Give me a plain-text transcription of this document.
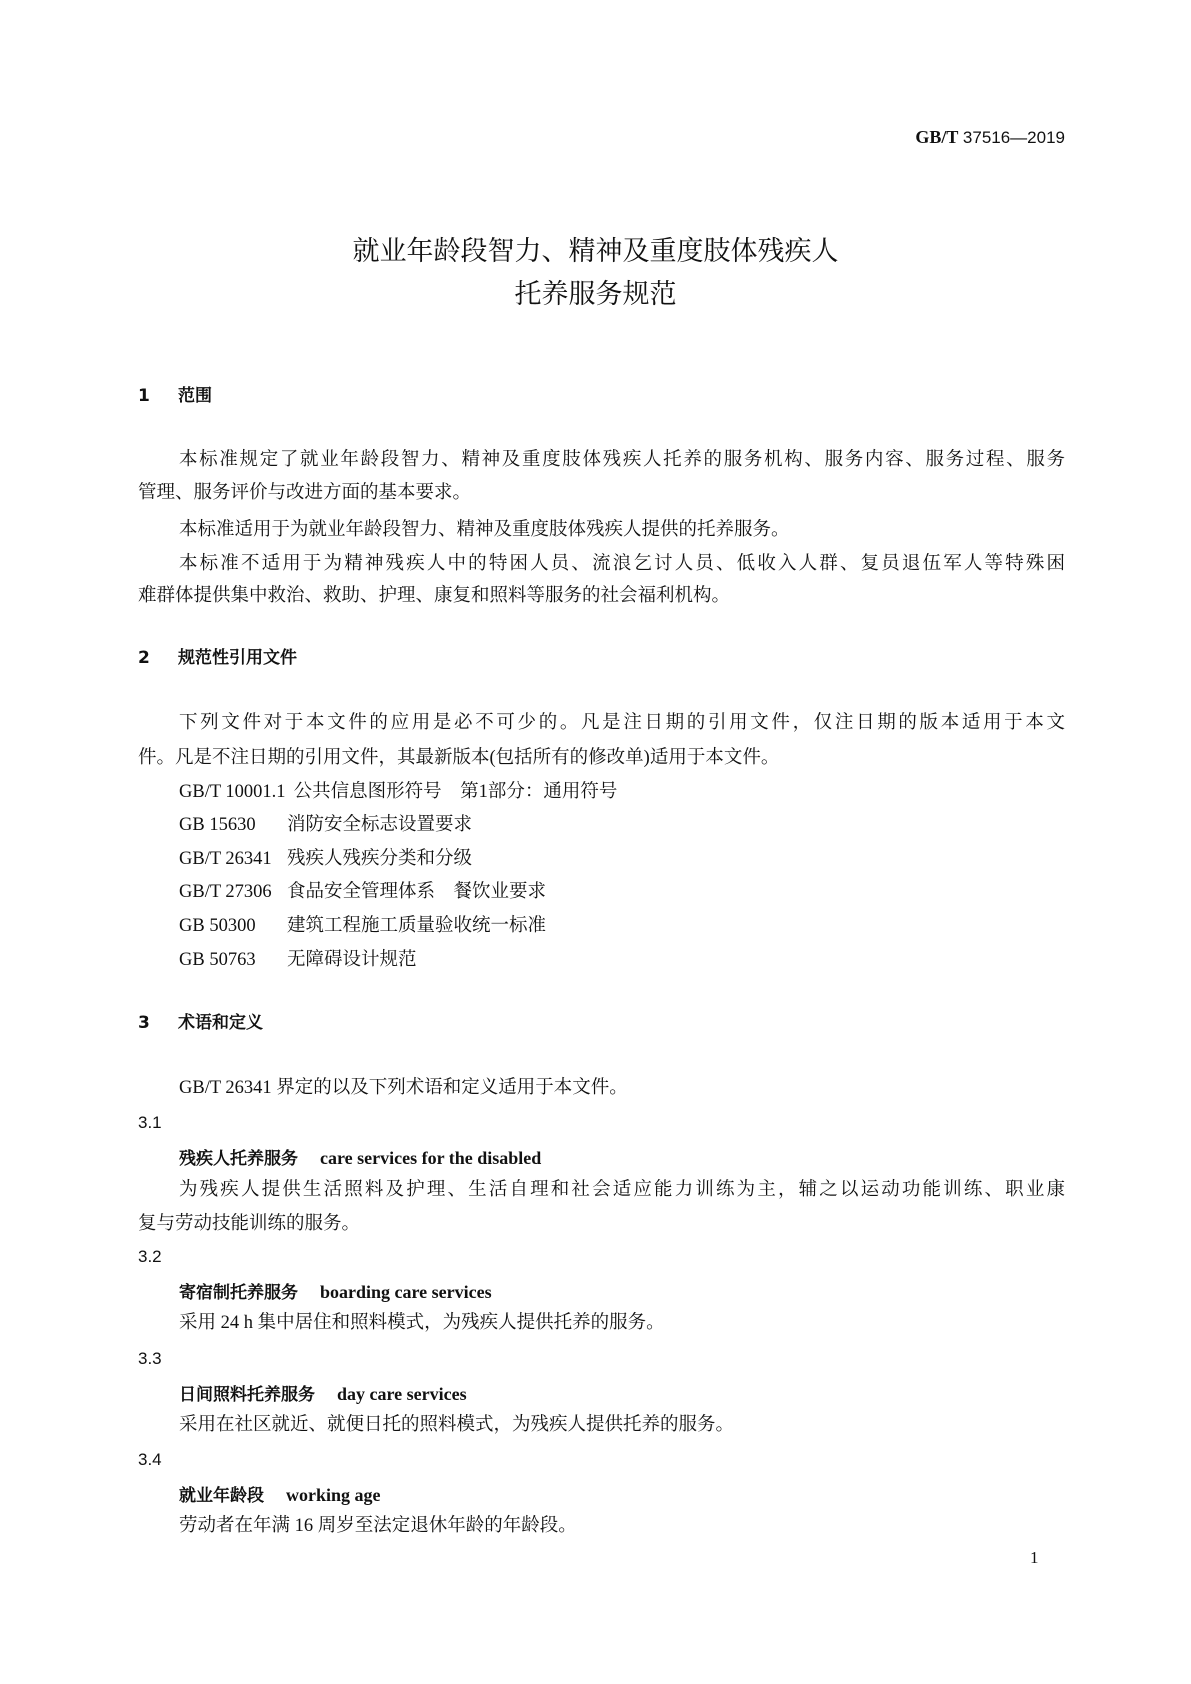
GB/T 37516—2019
就业年龄段智力、精神及重度肢体残疾人
托养服务规范
1 范围
本标准规定了就业年龄段智力、精神及重度肢体残疾人托养的服务机构、服务内容、服务过程、服务
管理、服务评价与改进方面的基本要求。
本标准适用于为就业年龄段智力、精神及重度肢体残疾人提供的托养服务。
本标准不适用于为精神残疾人中的特困人员、流浪乞讨人员、低收入人群、复员退伍军人等特殊困
难群体提供集中救治、救助、护理、康复和照料等服务的社会福利机构。
2 规范性引用文件
下列文件对于本文件的应用是必不可少的。凡是注日期的引用文件，仅注日期的版本适用于本文
件。凡是不注日期的引用文件，其最新版本(包括所有的修改单)适用于本文件。
GB/T 10001.1 公共信息图形符号　第1部分：通用符号
GB 15630 消防安全标志设置要求
GB/T 26341 残疾人残疾分类和分级
GB/T 27306 食品安全管理体系　餐饮业要求
GB 50300 建筑工程施工质量验收统一标准
GB 50763 无障碍设计规范
3 术语和定义
GB/T 26341 界定的以及下列术语和定义适用于本文件。
3.1
残疾人托养服务 care services for the disabled
为残疾人提供生活照料及护理、生活自理和社会适应能力训练为主，辅之以运动功能训练、职业康
复与劳动技能训练的服务。
3.2
寄宿制托养服务 boarding care services
采用 24 h 集中居住和照料模式，为残疾人提供托养的服务。
3.3
日间照料托养服务 day care services
采用在社区就近、就便日托的照料模式，为残疾人提供托养的服务。
3.4
就业年龄段 working age
劳动者在年满 16 周岁至法定退休年龄的年龄段。
1
